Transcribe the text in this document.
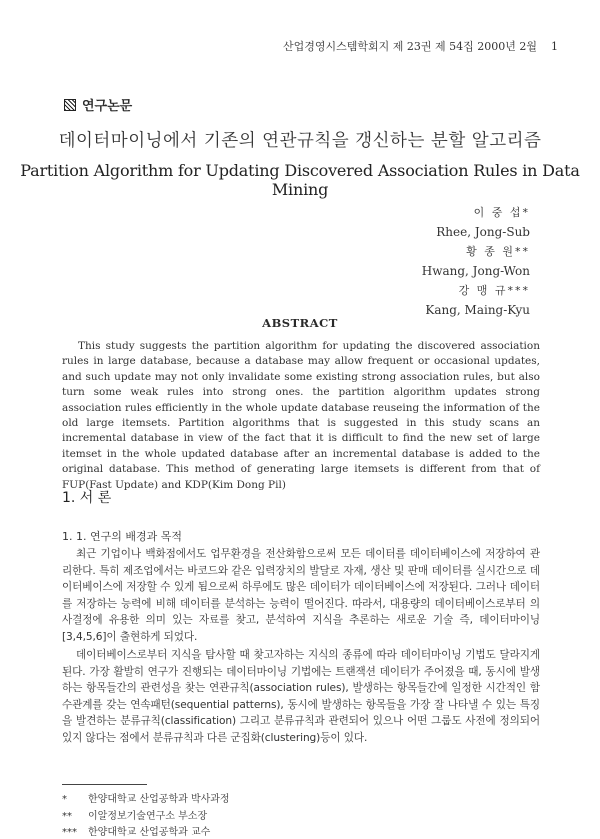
산업경영시스템학회지 제 23권 제 54집 2000년 2월 1
연구논문
데이터마이닝에서 기존의 연관규칙을 갱신하는 분할 알고리즘
Partition Algorithm for Updating Discovered Association Rules in Data Mining
이 중 섭*
Rhee, Jong-Sub
황 종 원**
Hwang, Jong-Won
강 맹 규***
Kang, Maing-Kyu
ABSTRACT

This study suggests the partition algorithm for updating the discovered association rules in large database, because a database may allow frequent or occasional updates, and such update may not only invalidate some existing strong association rules, but also turn some weak rules into strong ones. the partition algorithm updates strong association rules efficiently in the whole update database reuseing the information of the old large itemsets. Partition algorithms that is suggested in this study scans an incremental database in view of the fact that it is difficult to find the new set of large itemset in the whole updated database after an incremental database is added to the original database. This method of generating large itemsets is different from that of FUP(Fast Update) and KDP(Kim Dong Pil)

1. 서 론
1. 1. 연구의 배경과 목적

최근 기업이나 백화점에서도 업무환경을 전산화함으로써 모든 데이터를 데이터베이스에 저장하여 관리한다. 특히 제조업에서는 바코드와 같은 입력장치의 발달로 자재, 생산 및 판매 데이터를 실시간으로 데이터베이스에 저장할 수 있게 됨으로써 하루에도 많은 데이터가 데이터베이스에 저장된다. 그러나 데이터를 저장하는 능력에 비해 데이터를 분석하는 능력이 떨어진다. 따라서, 대용량의 데이터베이스로부터 의사결정에 유용한 의미 있는 자료를 찾고, 분석하여 지식을 추론하는 새로운 기술 즉, 데이터마이닝[3,4,5,6]이 출현하게 되었다.

데이터베이스로부터 지식을 탐사할 때 찾고자하는 지식의 종류에 따라 데이터마이닝 기법도 달라지게 된다. 가장 활발히 연구가 진행되는 데이터마이닝 기법에는 트랜잭션 데이터가 주어졌을 때, 동시에 발생하는 항목들간의 관련성을 찾는 연관규칙(association rules), 발생하는 항목들간에 일정한 시간적인 함수관계를 갖는 연속패턴(sequential patterns), 동시에 발생하는 항목들을 가장 잘 나타낼 수 있는 특징을 발견하는 분류규칙(classification) 그리고 분류규칙과 관련되어 있으나 어떤 그룹도 사전에 정의되어 있지 않다는 점에서 분류규칙과 다른 군집화(clustering)등이 있다.

* 한양대학교 산업공학과 박사과정
** 이알정보기술연구소 부소장
*** 한양대학교 산업공학과 교수
